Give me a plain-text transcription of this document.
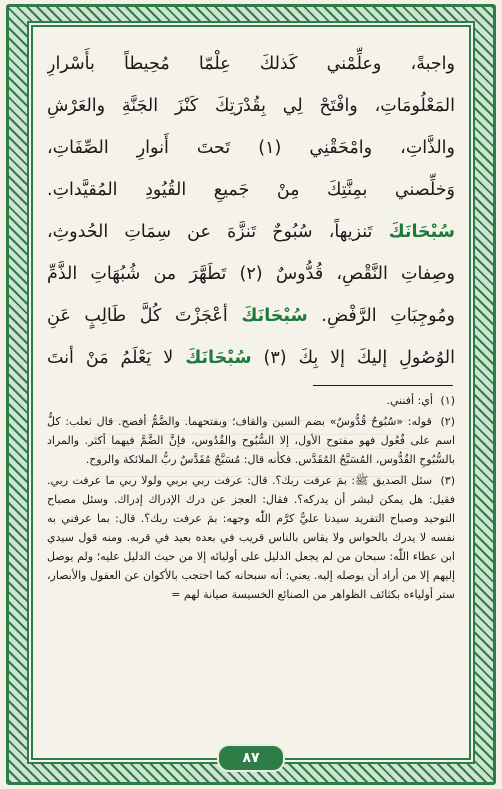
واجبةً، وعلِّمْني كَذلكَ عِلْمّا مُحِيطاً بأَسْرارِ
المَعْلُومَاتِ، وافْتَحْ لِي بِقُدْرَتِكَ كَنْزَ الجَنَّةِ والعَرْشِ
والذَّاتِ، وامْحَقْنِي (١) تَحتَ أَنوارِ الصِّفَاتِ،
وَخلِّصني بمِنَّتِكَ مِنْ جَميعِ القُيُودِ المُقيَّداتِ.
سُبْحَانَكَ تَنزيهاً، سُبُوحٌ تَنزَّهَ عن سِمَاتِ الحُدوثِ،
وصِفاتِ النَّقْصِ، قُدُّوسٌ (٢) تَطَهَّرَ من شُبُهَاتِ الذَّمِّ
ومُوجِبَاتِ الرَّفْضِ. سُبْحَانَكَ أعْجَزْتَ كُلَّ طَالِبٍ عَنِ
الوُصُولِ إليكَ إلا بِكَ (٣) سُبْحَانَكَ لا يَعْلَمُ مَنْ أنتَ

(١) أي: أفنني.

(٢) قوله: «سُبُوحٌ قُدُّوسٌ» بضم السين والقاف؛ وبفتحهما. والضَّمُّ أفصح. قال ثعلب: كلُّ اسم على فُعُول فهو مفتوح الأول، إلا السُّبُوح والقُدُوس، فإنَّ الضَّمَّ فيهما أكثر. والمراد بالسُّبُوحِ القُدُّوس، المُسَبَّحُ المُقَدَّس. فكأنه قال: مُسَبَّحٌ مُقَدَّسٌ ربُّ الملائكة والروح.

(٣) سئل الصديق ﷺ: بمَ عرفت ربك؟. قال: عرفت ربي بربي ولولا ربي ما عرفت ربي. فقيل: هل يمكن لبشر أن يدركه؟. فقال: العجز عن درك الإدراك إدراك. وسئل مصباح التوحيد وصباح التفريد سيدنا عليٌّ كرَّم اللّٰه وجهه: بمَ عرفت ربك؟. قال: بما عرفني به نفسه لا يدرك بالحواس ولا يقاس بالناس قريب في بعده بعيد في قربه. ومنه قول سيدي ابن عطاء اللّٰه: سبحان من لم يجعل الدليل على أوليائه إلا من حيث الدليل عليه؛ ولم يوصل إليهم إلا من أراد أن يوصله إليه. يعني: أنه سبحانه كما احتجب بالأكوان عن العقول والأبصار، ستر أولياءه بكثائف الظواهر من الصنائع الخسيسة صيانة لهم =

٨٧
